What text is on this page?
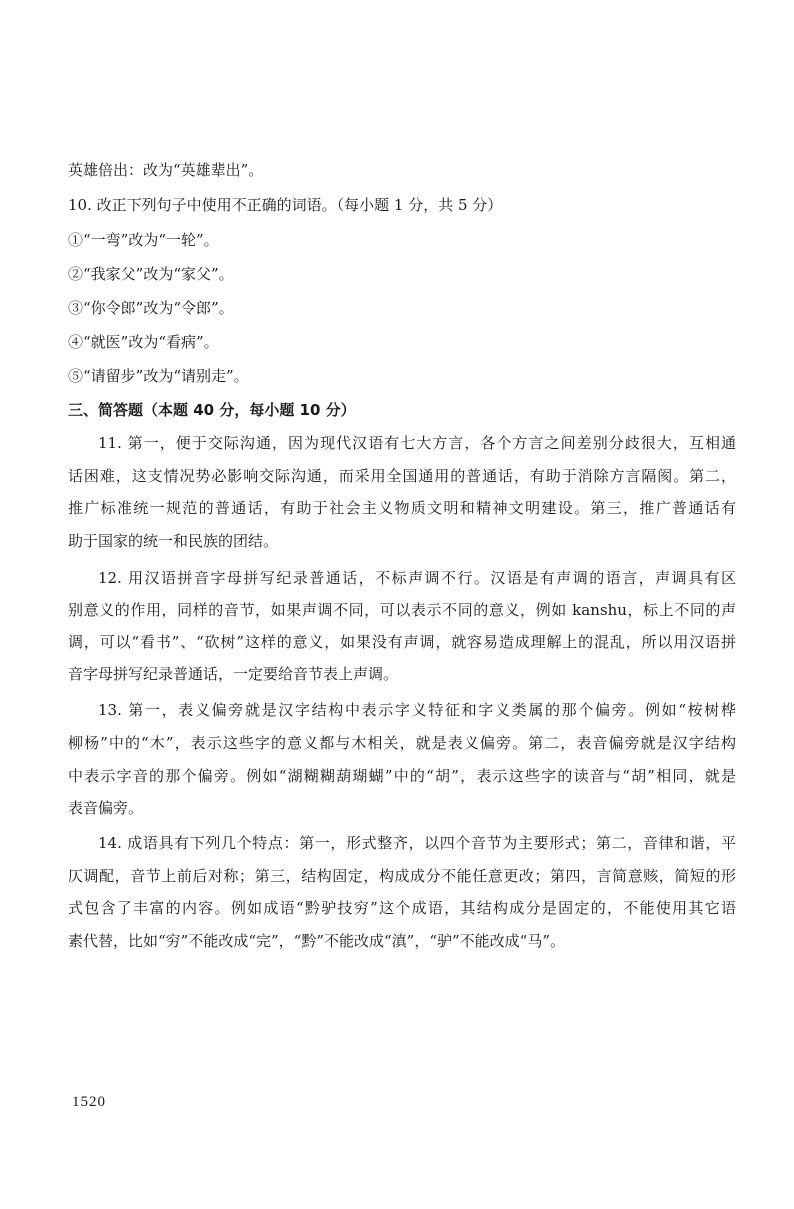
英雄倍出：改为“英雄辈出”。
10. 改正下列句子中使用不正确的词语。（每小题 1 分，共 5 分）
①“一弯”改为“一轮”。
②“我家父”改为“家父”。
③“你令郎”改为“令郎”。
④“就医”改为“看病”。
⑤“请留步”改为“请别走”。
三、简答题（本题 40 分，每小题 10 分）
11. 第一，便于交际沟通，因为现代汉语有七大方言，各个方言之间差别分歧很大，互相通
话困难，这支情况势必影响交际沟通，而采用全国通用的普通话，有助于消除方言隔阂。第二，
推广标准统一规范的普通话，有助于社会主义物质文明和精神文明建设。第三，推广普通话有
助于国家的统一和民族的团结。
12. 用汉语拼音字母拼写纪录普通话，不标声调不行。汉语是有声调的语言，声调具有区
别意义的作用，同样的音节，如果声调不同，可以表示不同的意义，例如 kanshu，标上不同的声
调，可以“看书”、“砍树”这样的意义，如果没有声调，就容易造成理解上的混乱，所以用汉语拼
音字母拼写纪录普通话，一定要给音节表上声调。
13. 第一，表义偏旁就是汉字结构中表示字义特征和字义类属的那个偏旁。例如“桉树桦
柳杨”中的“木”，表示这些字的意义都与木相关，就是表义偏旁。第二，表音偏旁就是汉字结构
中表示字音的那个偏旁。例如“湖糊糊葫瑚蝴”中的“胡”，表示这些字的读音与“胡”相同，就是
表音偏旁。
14. 成语具有下列几个特点：第一，形式整齐，以四个音节为主要形式；第二，音律和谐，平
仄调配，音节上前后对称；第三，结构固定，构成成分不能任意更改；第四，言简意赅，简短的形
式包含了丰富的内容。例如成语“黔驴技穷”这个成语，其结构成分是固定的，不能使用其它语
素代替，比如“穷”不能改成“完”，“黔”不能改成“滇”，“驴”不能改成“马”。
1520
